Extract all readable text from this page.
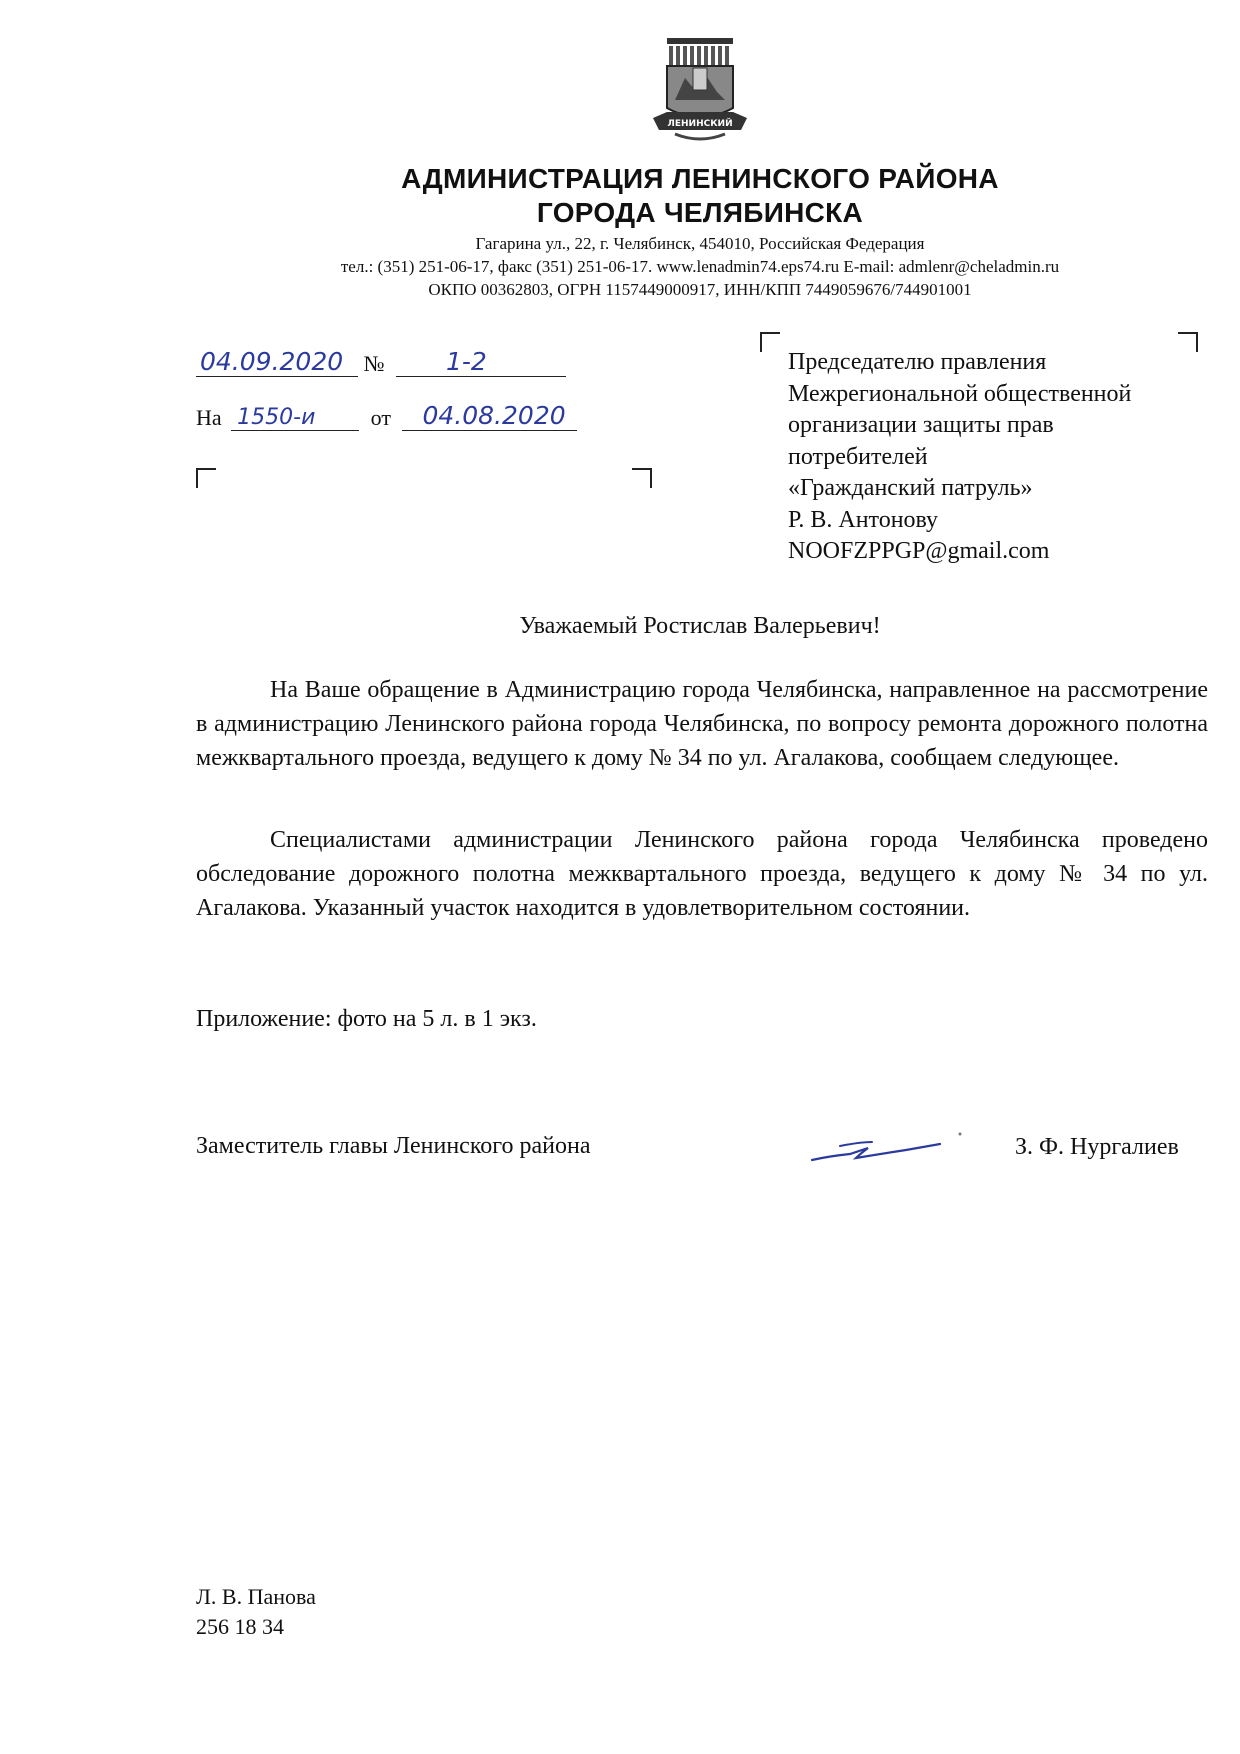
ЛЕНИНСКИЙ
АДМИНИСТРАЦИЯ ЛЕНИНСКОГО РАЙОНА
ГОРОДА ЧЕЛЯБИНСКА
Гагарина ул., 22, г. Челябинск, 454010, Российская Федерация
тел.: (351) 251-06-17, факс (351) 251-06-17. www.lenadmin74.eps74.ru E-mail: admlenr@cheladmin.ru
ОКПО 00362803, ОГРН 1157449000917, ИНН/КПП 7449059676/744901001
04.09.2020 № 1-2
На 1550-и	от 04.08.2020
Председателю правления
Межрегиональной общественной
организации защиты прав
потребителей
«Гражданский патруль»
Р. В. Антонову
NOOFZPPGP@gmail.com
Уважаемый Ростислав Валерьевич!
На Ваше обращение в Администрацию города Челябинска, направленное на рассмотрение в администрацию Ленинского района города Челябинска, по вопросу ремонта дорожного полотна межквартального проезда, ведущего к дому № 34 по ул. Агалакова, сообщаем следующее.
Специалистами администрации Ленинского района города Челябинска проведено обследование дорожного полотна межквартального проезда, ведущего к дому № 34 по ул. Агалакова. Указанный участок находится в удовлетворительном состоянии.
Приложение: фото на 5 л. в 1 экз.
Заместитель главы Ленинского района	З. Ф. Нургалиев
Л. В. Панова
256 18 34
